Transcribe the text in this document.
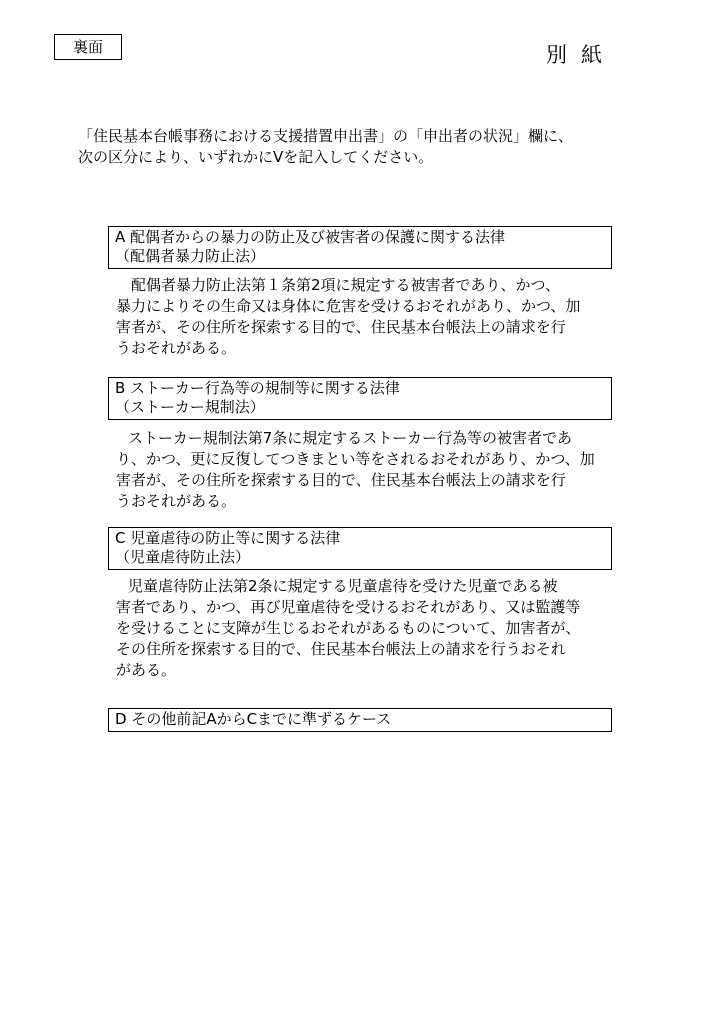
裏面	別紙

「住民基本台帳事務における支援措置申出書」の「申出者の状況」欄に、

次の区分により、いずれかにVを記入してください。

A 配偶者からの暴力の防止及び被害者の保護に関する法律

（配偶者暴力防止法）

　配偶者暴力防止法第１条第2項に規定する被害者であり、かつ、

暴力によりその生命又は身体に危害を受けるおそれがあり、かつ、加

害者が、その住所を探索する目的で、住民基本台帳法上の請求を行

うおそれがある。

B ストーカー行為等の規制等に関する法律

（ストーカー規制法）

ストーカー規制法第7条に規定するストーカー行為等の被害者であ

り、かつ、更に反復してつきまとい等をされるおそれがあり、かつ、加

害者が、その住所を探索する目的で、住民基本台帳法上の請求を行

うおそれがある。

C 児童虐待の防止等に関する法律

（児童虐待防止法）

児童虐待防止法第2条に規定する児童虐待を受けた児童である被

害者であり、かつ、再び児童虐待を受けるおそれがあり、又は監護等

を受けることに支障が生じるおそれがあるものについて、加害者が、

その住所を探索する目的で、住民基本台帳法上の請求を行うおそれ

がある。

D その他前記AからCまでに準ずるケース
